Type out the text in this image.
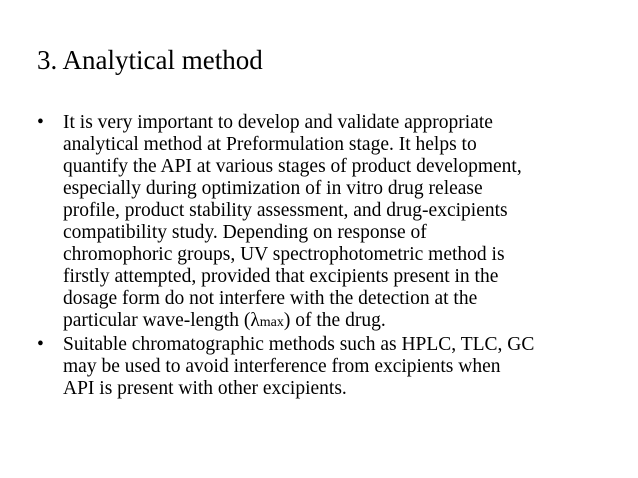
3. Analytical method
• It is very important to develop and validate appropriate
analytical method at Preformulation stage. It helps to
quantify the API at various stages of product development,
especially during optimization of in vitro drug release
profile, product stability assessment, and drug-excipients
compatibility study. Depending on response of
chromophoric groups, UV spectrophotometric method is
firstly attempted, provided that excipients present in the
dosage form do not interfere with the detection at the
particular wave-length (λmax) of the drug.
• Suitable chromatographic methods such as HPLC, TLC, GC
may be used to avoid interference from excipients when
API is present with other excipients.
